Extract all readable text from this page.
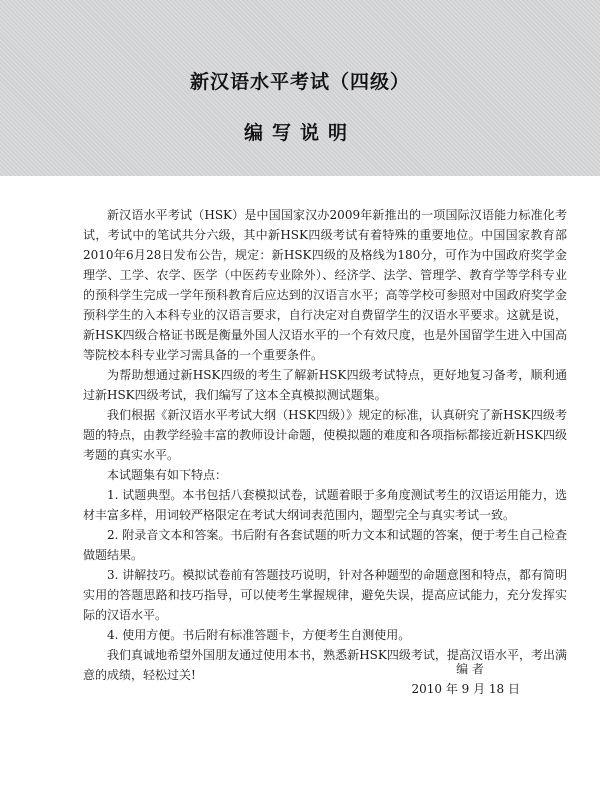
新汉语水平考试（四级）
编写说明

新汉语水平考试（HSK）是中国国家汉办2009年新推出的一项国际汉语能力标准化考试，考试中的笔试共分六级，其中新HSK四级考试有着特殊的重要地位。中国国家教育部2010年6月28日发布公告，规定：新HSK四级的及格线为180分，可作为中国政府奖学金理学、工学、农学、医学（中医药专业除外）、经济学、法学、管理学、教育学等学科专业的预科学生完成一学年预科教育后应达到的汉语言水平；高等学校可参照对中国政府奖学金预科学生的入本科专业的汉语言要求，自行决定对自费留学生的汉语水平要求。这就是说，新HSK四级合格证书既是衡量外国人汉语水平的一个有效尺度，也是外国留学生进入中国高等院校本科专业学习需具备的一个重要条件。

为帮助想通过新HSK四级的考生了解新HSK四级考试特点，更好地复习备考，顺利通过新HSK四级考试，我们编写了这本全真模拟测试题集。

我们根据《新汉语水平考试大纲（HSK四级）》规定的标准，认真研究了新HSK四级考题的特点，由教学经验丰富的教师设计命题，使模拟题的难度和各项指标都接近新HSK四级考题的真实水平。

本试题集有如下特点：

1. 试题典型。本书包括八套模拟试卷，试题着眼于多角度测试考生的汉语运用能力，选材丰富多样，用词较严格限定在考试大纲词表范围内，题型完全与真实考试一致。

2. 附录音文本和答案。书后附有各套试题的听力文本和试题的答案，便于考生自己检查做题结果。

3. 讲解技巧。模拟试卷前有答题技巧说明，针对各种题型的命题意图和特点，都有简明实用的答题思路和技巧指导，可以使考生掌握规律，避免失误，提高应试能力，充分发挥实际的汉语水平。

4. 使用方便。书后附有标准答题卡，方便考生自测使用。

我们真诚地希望外国朋友通过使用本书，熟悉新HSK四级考试，提高汉语水平，考出满意的成绩，轻松过关!	编 者
2010 年 9 月 18 日
